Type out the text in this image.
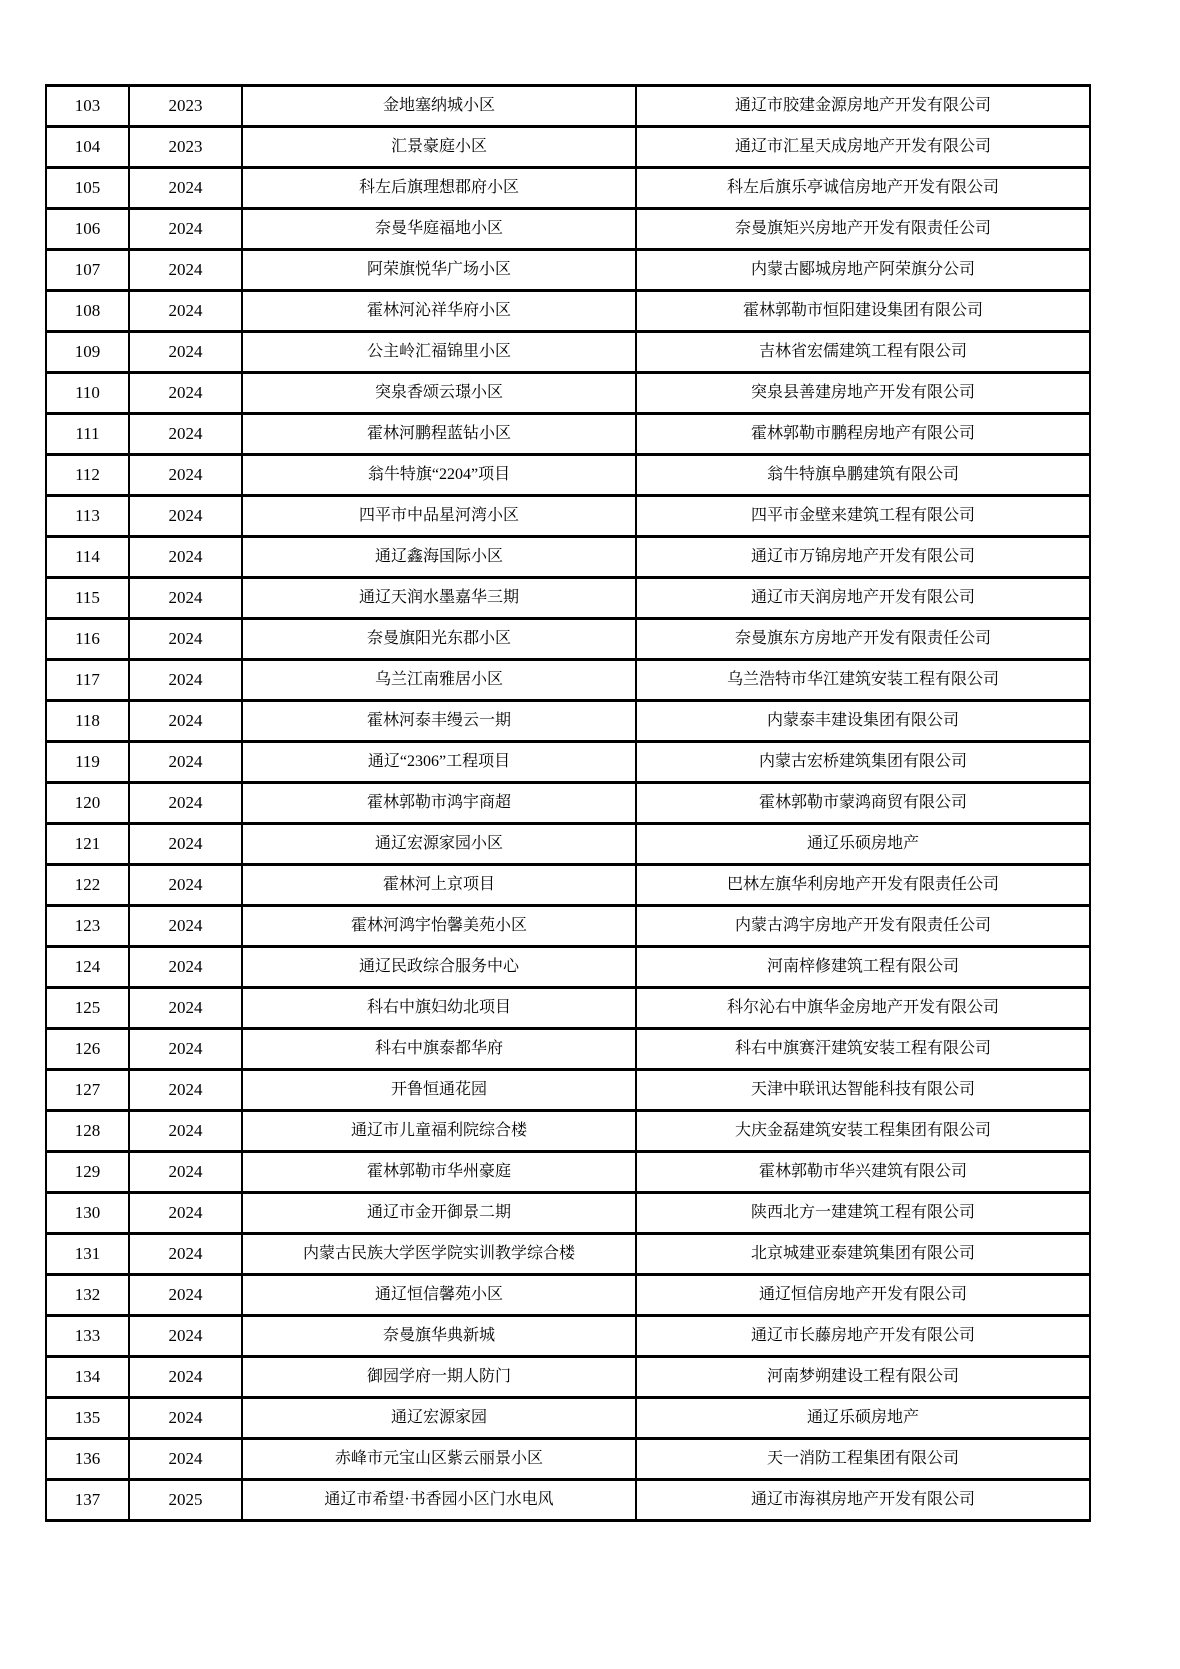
103	2023	金地塞纳城小区	通辽市胶建金源房地产开发有限公司
104	2023	汇景豪庭小区	通辽市汇星天成房地产开发有限公司
105	2024	科左后旗理想郡府小区	科左后旗乐亭诚信房地产开发有限公司
106	2024	奈曼华庭福地小区	奈曼旗矩兴房地产开发有限责任公司
107	2024	阿荣旗悦华广场小区	内蒙古郾城房地产阿荣旗分公司
108	2024	霍林河沁祥华府小区	霍林郭勒市恒阳建设集团有限公司
109	2024	公主岭汇福锦里小区	吉林省宏儒建筑工程有限公司
110	2024	突泉香颂云璟小区	突泉县善建房地产开发有限公司
111	2024	霍林河鹏程蓝钻小区	霍林郭勒市鹏程房地产有限公司
112	2024	翁牛特旗“2204”项目	翁牛特旗阜鹏建筑有限公司
113	2024	四平市中品星河湾小区	四平市金壁来建筑工程有限公司
114	2024	通辽鑫海国际小区	通辽市万锦房地产开发有限公司
115	2024	通辽天润水墨嘉华三期	通辽市天润房地产开发有限公司
116	2024	奈曼旗阳光东郡小区	奈曼旗东方房地产开发有限责任公司
117	2024	乌兰江南雅居小区	乌兰浩特市华江建筑安装工程有限公司
118	2024	霍林河泰丰缦云一期	内蒙泰丰建设集团有限公司
119	2024	通辽“2306”工程项目	内蒙古宏桥建筑集团有限公司
120	2024	霍林郭勒市鸿宇商超	霍林郭勒市蒙鸿商贸有限公司
121	2024	通辽宏源家园小区	通辽乐硕房地产
122	2024	霍林河上京项目	巴林左旗华利房地产开发有限责任公司
123	2024	霍林河鸿宇怡馨美苑小区	内蒙古鸿宇房地产开发有限责任公司
124	2024	通辽民政综合服务中心	河南梓修建筑工程有限公司
125	2024	科右中旗妇幼北项目	科尔沁右中旗华金房地产开发有限公司
126	2024	科右中旗泰都华府	科右中旗赛汗建筑安装工程有限公司
127	2024	开鲁恒通花园	天津中联讯达智能科技有限公司
128	2024	通辽市儿童福利院综合楼	大庆金磊建筑安装工程集团有限公司
129	2024	霍林郭勒市华州豪庭	霍林郭勒市华兴建筑有限公司
130	2024	通辽市金开御景二期	陕西北方一建建筑工程有限公司
131	2024	内蒙古民族大学医学院实训教学综合楼	北京城建亚泰建筑集团有限公司
132	2024	通辽恒信馨苑小区	通辽恒信房地产开发有限公司
133	2024	奈曼旗华典新城	通辽市长藤房地产开发有限公司
134	2024	御园学府一期人防门	河南梦朔建设工程有限公司
135	2024	通辽宏源家园	通辽乐硕房地产
136	2024	赤峰市元宝山区紫云丽景小区	天一消防工程集团有限公司
137	2025	通辽市希望·书香园小区门水电风	通辽市海祺房地产开发有限公司
